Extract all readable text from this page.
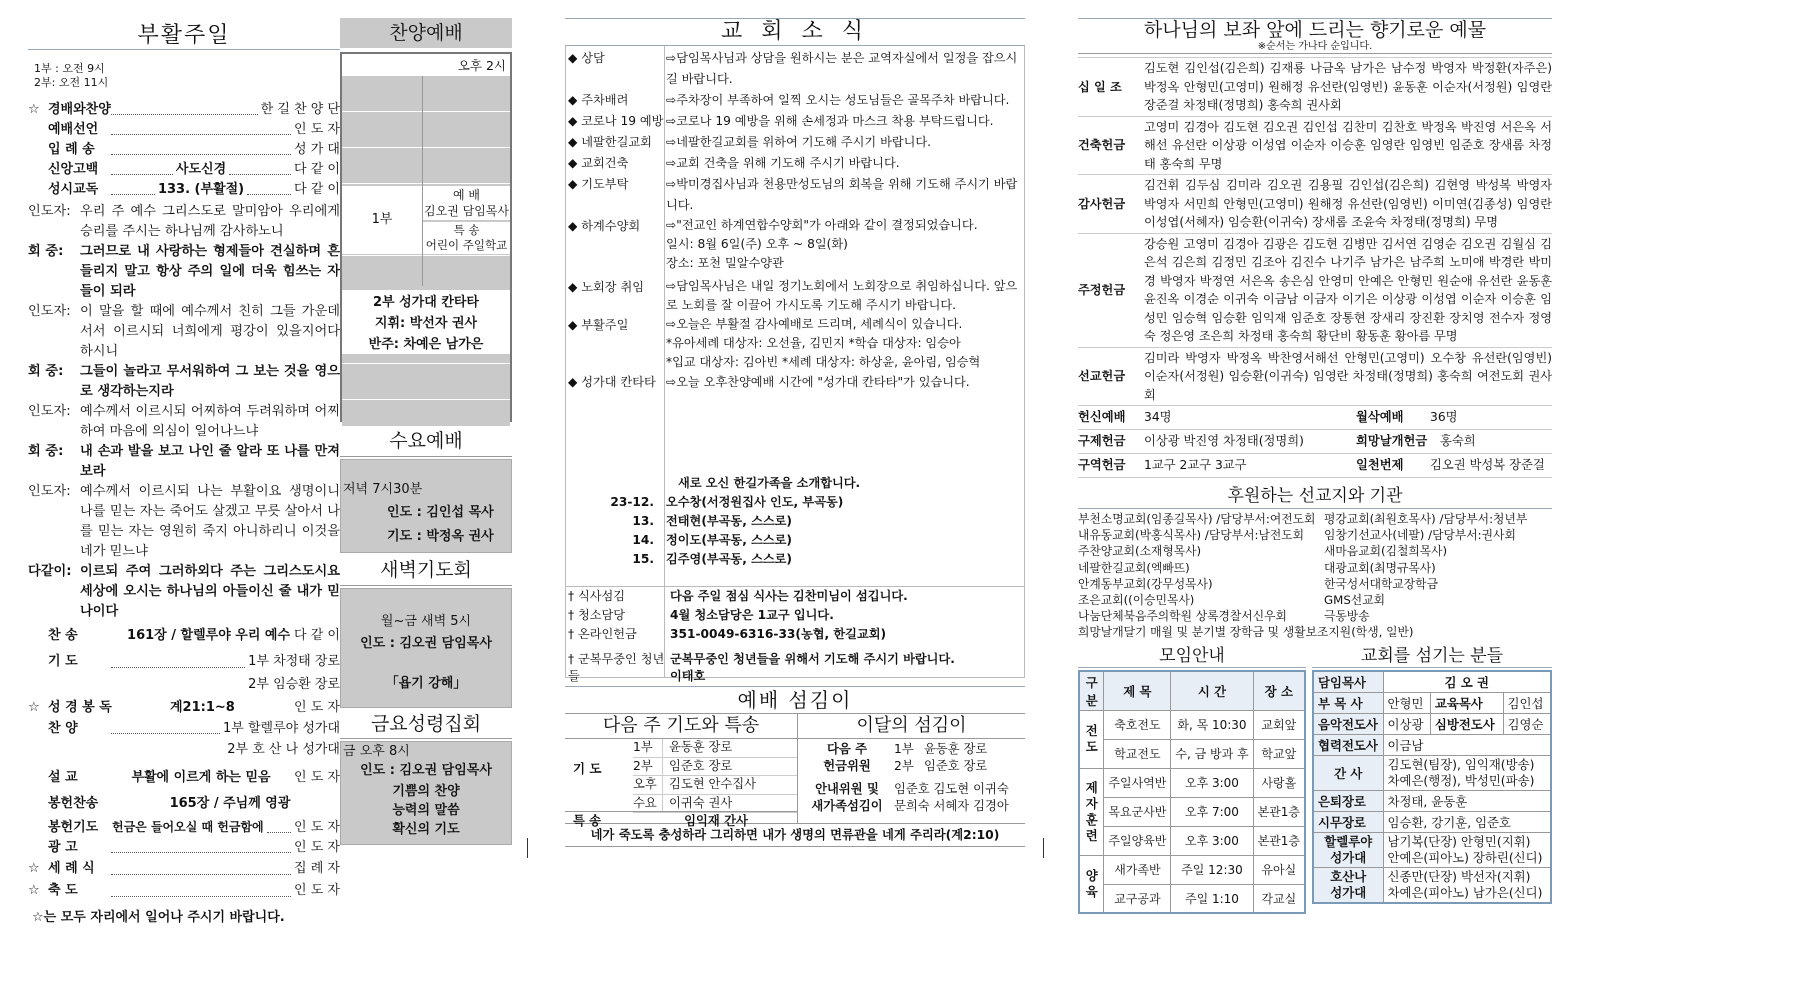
부활주일
1부 : 오전 9시
2부: 오전 11시
☆ 경배와찬양	한 길 찬 양 단
예배선언	인 도 자
입 례 송	성 가 대
신앙고백	사도신경	다 같 이
성시교독	133. (부활절)	다 같 이
인도자: 우리 주 예수 그리스도로 말미암아 우리에게 승리를 주시는 하나님께 감사하노니
회 중:	그러므로 내 사랑하는 형제들아 견실하며 흔들리지 말고 항상 주의 일에 더욱 힘쓰는 자들이 되라
인도자: 이 말을 할 때에 예수께서 친히 그들 가운데 서서 이르시되 너희에게 평강이 있을지어다 하시니
회 중:	그들이 놀라고 무서워하여 그 보는 것을 영으로 생각하는지라
인도자: 예수께서 이르시되 어찌하여 두려워하며 어찌하여 마음에 의심이 일어나느냐
회 중:	내 손과 발을 보고 나인 줄 알라 또 나를 만져 보라
인도자: 예수께서 이르시되 나는 부활이요 생명이니 나를 믿는 자는 죽어도 살겠고 무릇 살아서 나를 믿는 자는 영원히 죽지 아니하리니 이것을 네가 믿느냐
다같이: 이르되 주여 그러하외다 주는 그리스도시요 세상에 오시는 하나님의 아들이신 줄 내가 믿나이다
찬 송	161장 / 할렐루야 우리 예수 다 같 이
기 도	1부 차정태 장로
2부 임승환 장로
☆ 성 경 봉 독	계21:1~8	인 도 자
찬 양	1부 할렐루야 성가대
2부 호 산 나 성가대
설 교	부활에 이르게 하는 믿음	인 도 자
봉헌찬송	165장 / 주님께 영광
봉헌기도	헌금은 들어오실 때 헌금함에 인 도 자
광 고	인 도 자
☆ 세 례 식	집 례 자
☆ 축 도	인 도 자
☆는 모두 자리에서 일어나 주시기 바랍니다.
찬양예배
오후 2시
1부
예 배
김오권 담임목사
특 송
어린이 주일학교
2부 성가대 칸타타
지휘: 박선자 권사
반주: 차예은 남가은
수요예배
저녁 7시30분
인도 : 김인섭 목사
기도 : 박정옥 권사
새벽기도회
월~금 새벽 5시
인도 : 김오권 담임목사
「욥기 강해」
금요성령집회
금 오후 8시
인도 : 김오권 담임목사
기쁨의 찬양
능력의 말씀
확신의 기도
교 회 소 식
◆ 상담	⇨담임목사님과 상담을 원하시는 분은 교역자실에서 일정을 잡으시길 바랍니다.
◆ 주차배려	⇨주차장이 부족하여 일찍 오시는 성도님들은 골목주차 바랍니다.
◆ 코로나 19 예방 ⇨코로나 19 예방을 위해 손세정과 마스크 착용 부탁드립니다.
◆ 네팔한길교회	⇨네팔한길교회를 위하여 기도해 주시기 바랍니다.
◆ 교회건축	⇨교회 건축을 위해 기도해 주시기 바랍니다.
◆ 기도부탁	⇨박미경집사님과 천용만성도님의 회복을 위해 기도해 주시기 바랍니다.
◆ 하계수양회	⇨"전교인 하계연합수양회"가 아래와 같이 결정되었습니다.
일시: 8월 6일(주) 오후 ~ 8일(화)
장소: 포천 밀알수양관
◆ 노회장 취임	⇨담임목사님은 내일 정기노회에서 노회장으로 취임하십니다. 앞으로 노회를 잘 이끌어 가시도록 기도해 주시기 바랍니다.
◆ 부활주일	⇨오늘은 부활절 감사예배로 드리며, 세례식이 있습니다.
*유아세례 대상자: 오선율, 김민지 *학습 대상자: 임승아
*입교 대상자: 김아빈 *세례 대상자: 하상윤, 윤아림, 임승혁
◆ 성가대 칸타타 ⇨오늘 오후찬양예배 시간에 "성가대 칸타타"가 있습니다.
새로 오신 한길가족을 소개합니다.
23-12. 오수창(서정원집사 인도, 부곡동)
13. 전태현(부곡동, 스스로)
14. 정이도(부곡동, 스스로)
15. 김주영(부곡동, 스스로)
† 식사섬김	다음 주일 점심 식사는 김찬미님이 섬깁니다.
† 청소담당	4월 청소담당은 1교구 입니다.
† 온라인헌금	351-0049-6316-33(농협, 한길교회)
† 군복무중인 청년들
군복무중인 청년들을 위해서 기도해 주시기 바랍니다.
이태호
예배 섬김이
다음 주 기도와 특송
기 도
1부	윤동훈 장로
2부	임준호 장로
오후 김도현 안수집사
수요 이귀숙 권사
특 송	임익재 간사
이달의 섬김이
다음 주
헌금위원
1부 윤동훈 장로
2부 임준호 장로
안내위원 및
새가족섬김이
임준호 김도현 이귀숙
문희숙 서혜자 김경아
네가 죽도록 충성하라 그리하면 내가 생명의 면류관을 네게 주리라(계2:10)
하나님의 보좌 앞에 드리는 향기로운 예물
※순서는 가나다 순입니다.
십 일 조
김도현 김인섭(김은희) 김재룡 나금옥 남가은 남수정 박영자 박정환(자주은) 박정옥 안형민(고영미) 원해정 유선란(임영빈) 윤동훈 이순자(서정원) 임영란 장준걸 차정태(정명희) 홍숙희 권사회
건축헌금
고영미 김경아 김도현 김오권 김인섭 김찬미 김찬호 박정옥 박진영 서은옥 서해선 유선란 이상광 이성엽 이순자 이승훈 임영란 임영빈 임준호 장새롬 차정태 홍숙희 무명
감사헌금
김건휘 김두심 김미라 김오권 김용필 김인섭(김은희) 김현영 박성복 박영자 박영자 서민희 안형민(고영미) 원해정 유선란(임영빈) 이미연(김종성) 임영란 이성엽(서혜자) 임승환(이귀숙) 장새롬 조윤숙 차정태(정명희) 무명
주정헌금
강승원 고영미 김경아 김광은 김도현 김병만 김서연 김영순 김오권 김월심 김은석 김은희 김정민 김조아 김진수 나기주 남가은 남주희 노미애 박경란 박미경 박영자 박정연 서은옥 송은심 안영미 안예은 안형민 원순애 유선란 윤동훈 윤진옥 이경순 이귀숙 이금남 이금자 이기은 이상광 이성엽 이순자 이승훈 임성민 임승혁 임승환 임익재 임준호 장통현 장새리 장진환 장치영 전수자 정영숙 정은영 조은희 차정태 홍숙희 황단비 황동훈 황아름 무명
선교헌금
김미라 박영자 박정옥 박찬영서해선 안형민(고영미) 오수창 유선란(임영빈) 이순자(서정원) 임승환(이귀숙) 임영란 차정태(정명희) 홍숙희 여전도회 권사회
헌신예배	34명	월삭예배	36명
구제헌금	이상광 박진영 차정태(정명희)	희망날개헌금	홍숙희
구역헌금	1교구 2교구 3교구	일천번제	김오권 박성복 장준걸
후원하는 선교지와 기관
부천소명교회(임종길목사) /담당부서:여전도회 평강교회(최원호목사) /담당부서:청년부
내유동교회(박홍식목사) /담당부서:남전도회	임창기선교사(네팔) /담당부서:권사회
주찬양교회(소재형목사)	새마음교회(김철희목사)
네팔한길교회(엑빠뜨)	대광교회(최명규목사)
안계동부교회(강무성목사)	한국성서대학교장학금
조은교회((이승민목사)	GMS선교회
나눔단체북음주의학원 상록경찰서신우회	극동방송
희망날개달기 매월 및 분기별 장학금 및 생활보조지원(학생, 일반)
모임안내
구 분	제 목	시 간	장 소
전 도	축호전도	화, 목 10:30	교회앞
	학교전도	수, 금 방과 후	학교앞
제
자
훈
련	주일사역반	오후 3:00	사랑홀
	목요군사반	오후 7:00	본관1층
	주일양육반	오후 3:00	본관1층
양 육	새가족반	주일 12:30	유아실
	교구공과	주일 1:10	각교실
교회를 섬기는 분들
담임목사	김 오 권		
부 목 사	안형민	교육목사	김인섭
음악전도사	이상광	심방전도사	김영순
협력전도사	이금남		
간 사	김도현(팀장), 임익재(방송)
차예은(행정), 박성민(파송)		
은퇴장로	차정태, 윤동훈		
시무장로	임승환, 강기훈, 임준호		
할렐루야
성가대	남기복(단장) 안형민(지휘)
안예은(피아노) 장하린(신디)		
호산나
성가대	신종만(단장) 박선자(지휘)
차예은(피아노) 남가은(신디)		
